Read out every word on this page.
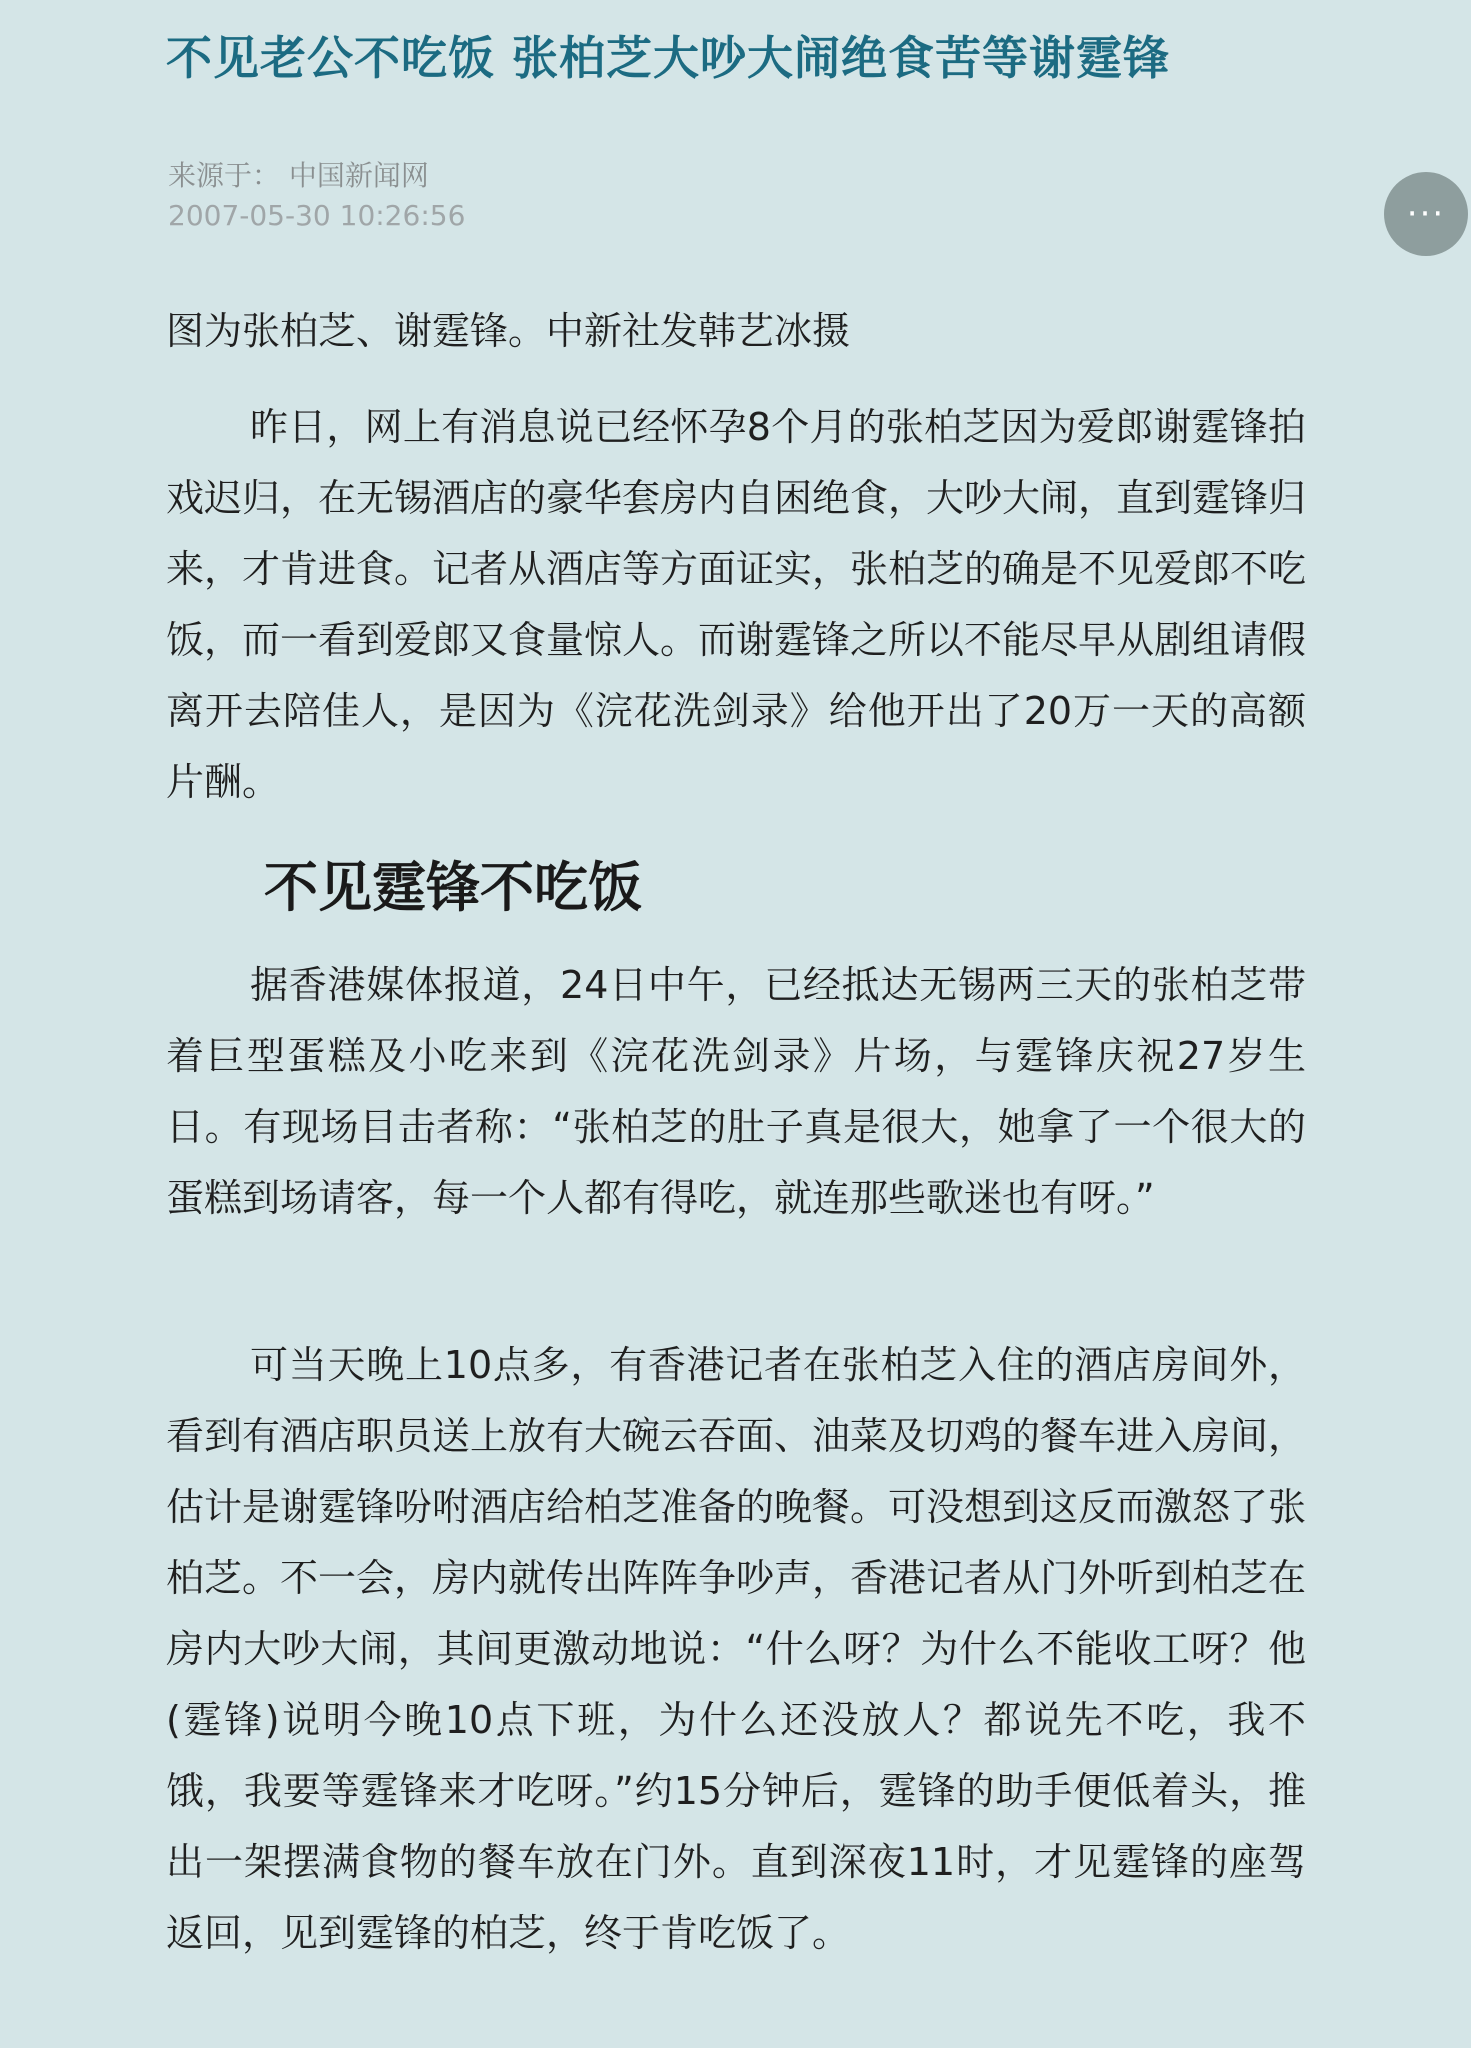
不见老公不吃饭 张柏芝大吵大闹绝食苦等谢霆锋
来源于： 中国新闻网
2007-05-30 10:26:56	···
图为张柏芝、谢霆锋。中新社发韩艺冰摄

昨日，网上有消息说已经怀孕8个月的张柏芝因为爱郎谢霆锋拍戏迟归，在无锡酒店的豪华套房内自困绝食，大吵大闹，直到霆锋归来，才肯进食。记者从酒店等方面证实，张柏芝的确是不见爱郎不吃饭，而一看到爱郎又食量惊人。而谢霆锋之所以不能尽早从剧组请假离开去陪佳人，是因为《浣花洗剑录》给他开出了20万一天的高额片酬。

不见霆锋不吃饭

据香港媒体报道，24日中午，已经抵达无锡两三天的张柏芝带着巨型蛋糕及小吃来到《浣花洗剑录》片场，与霆锋庆祝27岁生日。有现场目击者称：“张柏芝的肚子真是很大，她拿了一个很大的蛋糕到场请客，每一个人都有得吃，就连那些歌迷也有呀。”

可当天晚上10点多，有香港记者在张柏芝入住的酒店房间外，看到有酒店职员送上放有大碗云吞面、油菜及切鸡的餐车进入房间，估计是谢霆锋吩咐酒店给柏芝准备的晚餐。可没想到这反而激怒了张柏芝。不一会，房内就传出阵阵争吵声，香港记者从门外听到柏芝在房内大吵大闹，其间更激动地说：“什么呀？为什么不能收工呀？他(霆锋)说明今晚10点下班，为什么还没放人？都说先不吃，我不饿，我要等霆锋来才吃呀。”约15分钟后，霆锋的助手便低着头，推出一架摆满食物的餐车放在门外。直到深夜11时，才见霆锋的座驾返回，见到霆锋的柏芝，终于肯吃饭了。
